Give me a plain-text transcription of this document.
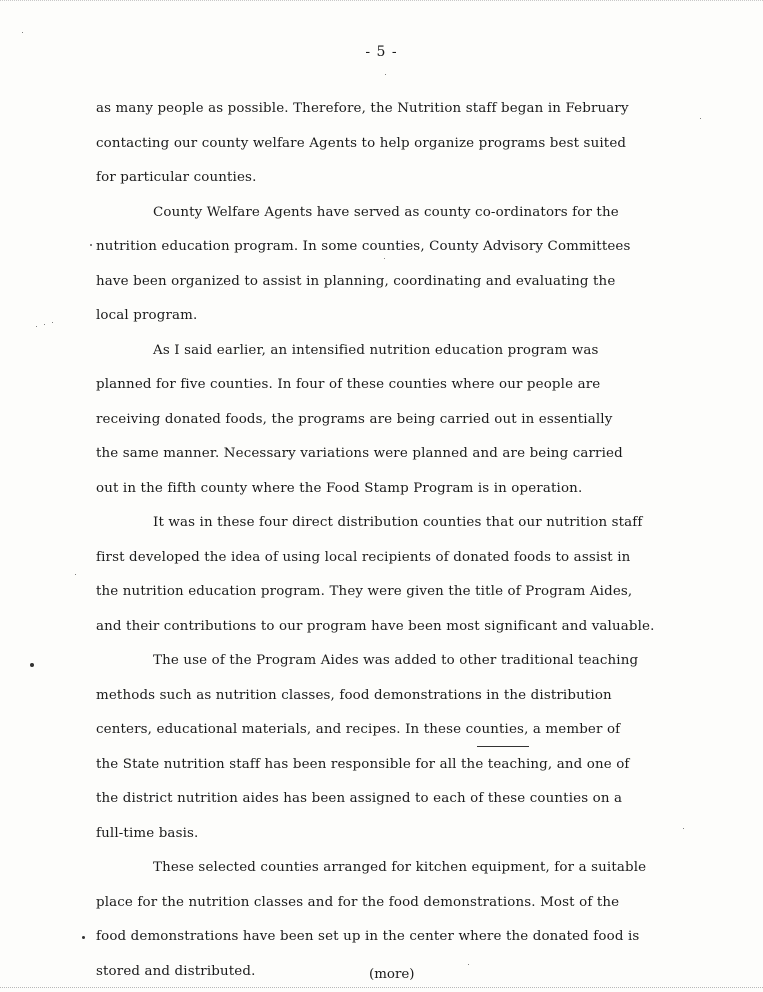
- 5 -
as many people as possible. Therefore, the Nutrition staff began in February
contacting our county welfare Agents to help organize programs best suited
for particular counties.
County Welfare Agents have served as county co-ordinators for the
nutrition education program. In some counties, County Advisory Committees
have been organized to assist in planning, coordinating and evaluating the
local program.
As I said earlier, an intensified nutrition education program was
planned for five counties. In four of these counties where our people are
receiving donated foods, the programs are being carried out in essentially
the same manner. Necessary variations were planned and are being carried
out in the fifth county where the Food Stamp Program is in operation.
It was in these four direct distribution counties that our nutrition staff
first developed the idea of using local recipients of donated foods to assist in
the nutrition education program. They were given the title of Program Aides,
and their contributions to our program have been most significant and valuable.
The use of the Program Aides was added to other traditional teaching
methods such as nutrition classes, food demonstrations in the distribution
centers, educational materials, and recipes. In these counties, a member of
the State nutrition staff has been responsible for all the teaching, and one of
the district nutrition aides has been assigned to each of these counties on a
full-time basis.
These selected counties arranged for kitchen equipment, for a suitable
place for the nutrition classes and for the food demonstrations. Most of the
food demonstrations have been set up in the center where the donated food is
stored and distributed.	(more)
